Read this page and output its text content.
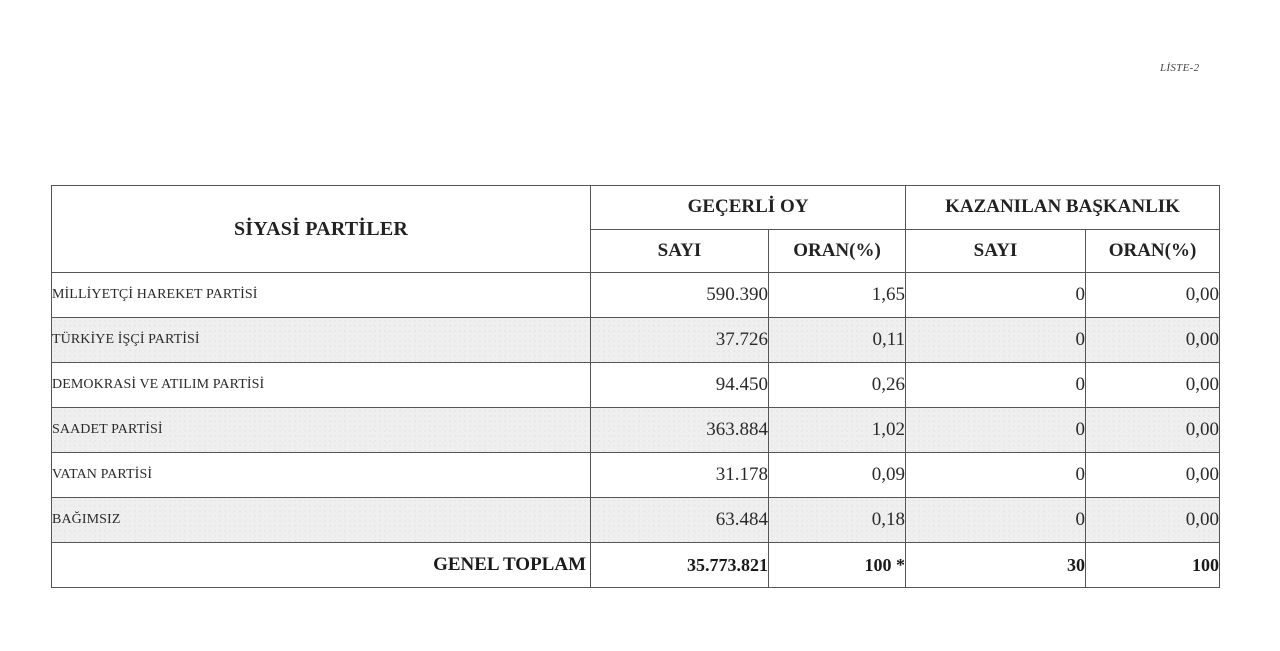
LİSTE-2
SİYASİ PARTİLER	GEÇERLİ OY		KAZANILAN BAŞKANLIK	
	SAYI	ORAN(%)	SAYI	ORAN(%)
MİLLİYETÇİ HAREKET PARTİSİ	590.390	1,65	0	0,00
TÜRKİYE İŞÇİ PARTİSİ	37.726	0,11	0	0,00
DEMOKRASİ VE ATILIM PARTİSİ	94.450	0,26	0	0,00
SAADET PARTİSİ	363.884	1,02	0	0,00
VATAN PARTİSİ	31.178	0,09	0	0,00
BAĞIMSIZ	63.484	0,18	0	0,00
GENEL TOPLAM	35.773.821	100 *	30	100
